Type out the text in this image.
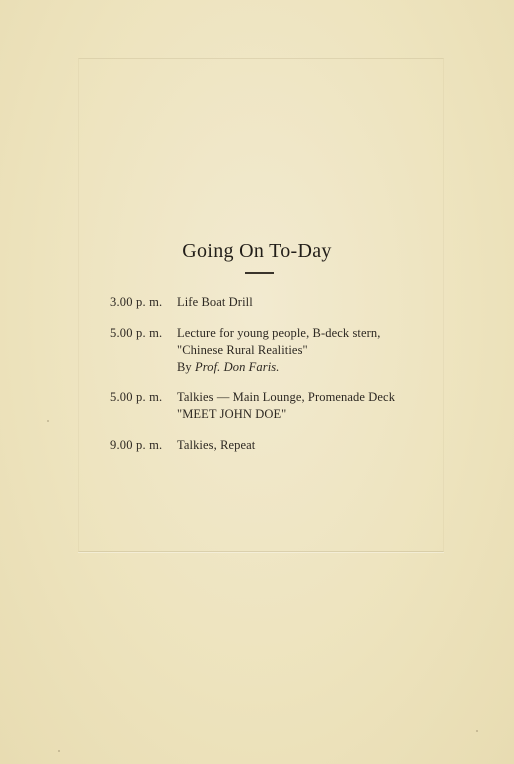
Going On To-Day
3.00 p. m. Life Boat Drill
5.00 p. m. Lecture for young people, B-deck stern,
"Chinese Rural Realities"
By Prof. Don Faris.
5.00 p. m. Talkies — Main Lounge, Promenade Deck
"MEET JOHN DOE"
9.00 p. m. Talkies, Repeat
